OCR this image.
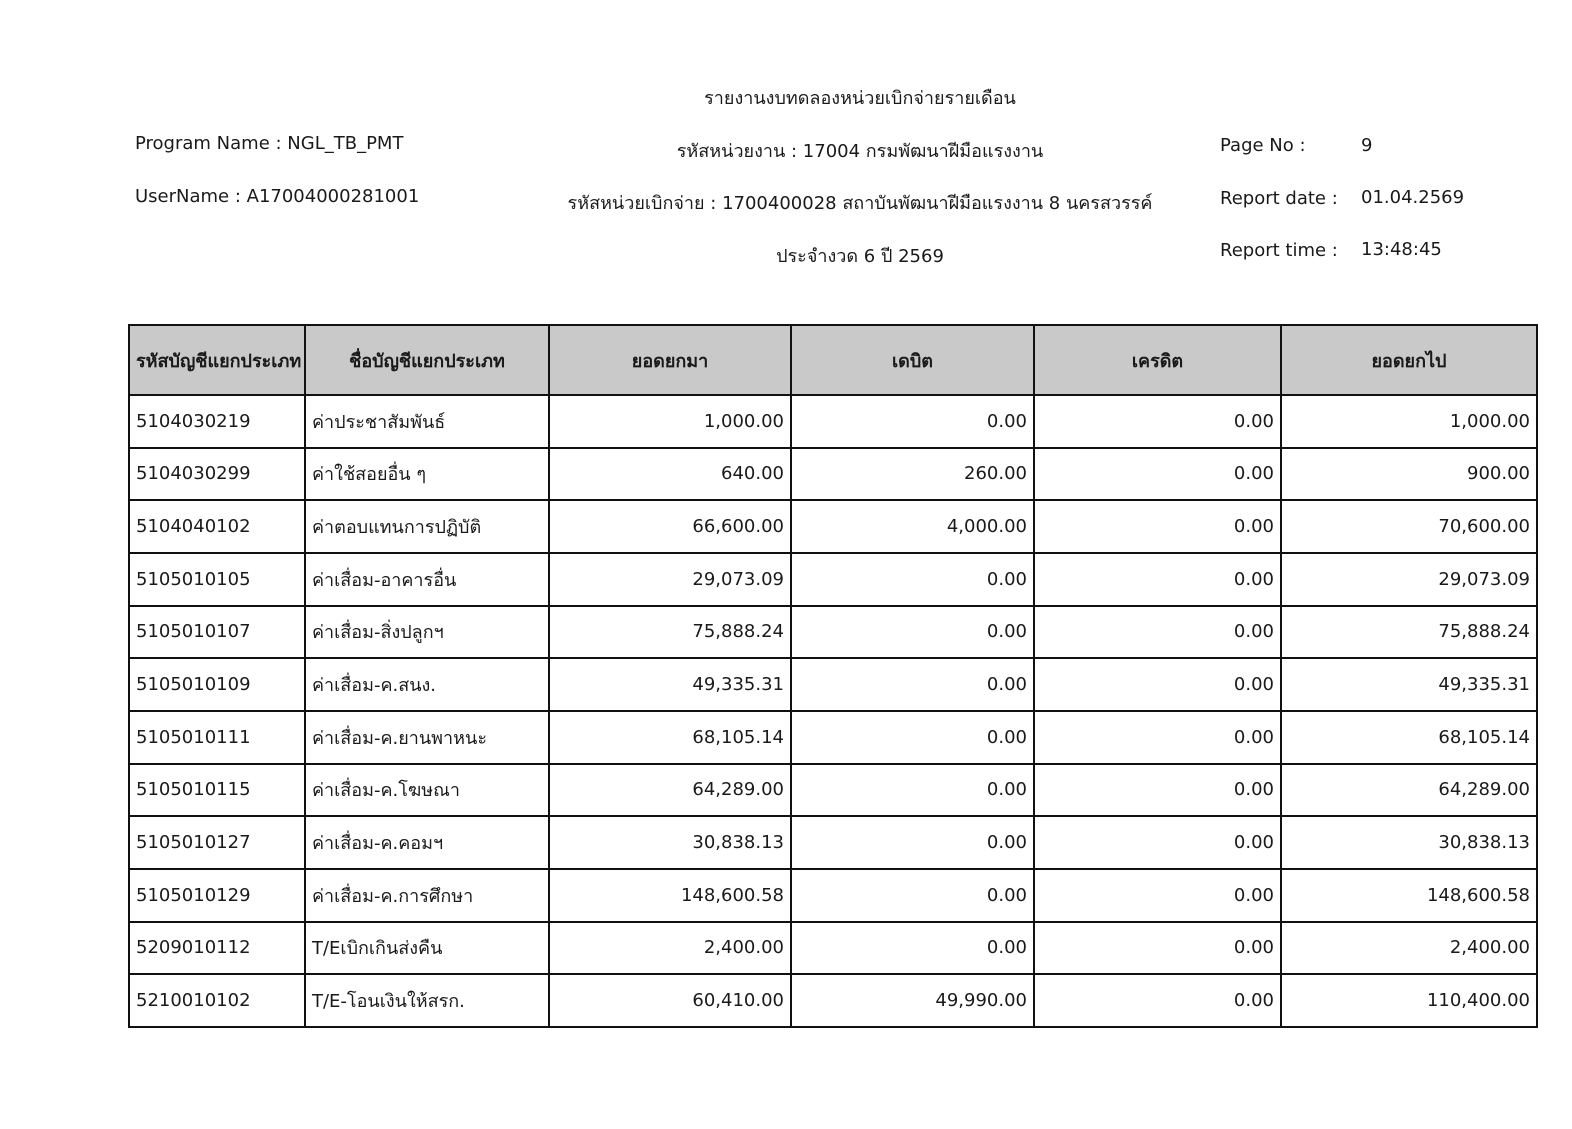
รายงานงบทดลองหน่วยเบิกจ่ายรายเดือน
Program Name : NGL_TB_PMT	รหัสหน่วยงาน : 17004 กรมพัฒนาฝีมือแรงงาน	Page No :	9
UserName : A17004000281001	รหัสหน่วยเบิกจ่าย : 1700400028 สถาบันพัฒนาฝีมือแรงงาน 8 นครสวรรค์	Report date : 01.04.2569
ประจำงวด 6 ปี 2569	Report time : 13:48:45
รหัสบัญชีแยกประเภท	ชื่อบัญชีแยกประเภท	ยอดยกมา	เดบิต	เครดิต	ยอดยกไป
5104030219	ค่าประชาสัมพันธ์	1,000.00	0.00	0.00	1,000.00
5104030299	ค่าใช้สอยอื่น ๆ	640.00	260.00	0.00	900.00
5104040102	ค่าตอบแทนการปฏิบัติ	66,600.00	4,000.00	0.00	70,600.00
5105010105	ค่าเสื่อม-อาคารอื่น	29,073.09	0.00	0.00	29,073.09
5105010107	ค่าเสื่อม-สิ่งปลูกฯ	75,888.24	0.00	0.00	75,888.24
5105010109	ค่าเสื่อม-ค.สนง.	49,335.31	0.00	0.00	49,335.31
5105010111	ค่าเสื่อม-ค.ยานพาหนะ	68,105.14	0.00	0.00	68,105.14
5105010115	ค่าเสื่อม-ค.โฆษณา	64,289.00	0.00	0.00	64,289.00
5105010127	ค่าเสื่อม-ค.คอมฯ	30,838.13	0.00	0.00	30,838.13
5105010129	ค่าเสื่อม-ค.การศึกษา	148,600.58	0.00	0.00	148,600.58
5209010112	T/Eเบิกเกินส่งคืน	2,400.00	0.00	0.00	2,400.00
5210010102	T/E-โอนเงินให้สรก.	60,410.00	49,990.00	0.00	110,400.00
